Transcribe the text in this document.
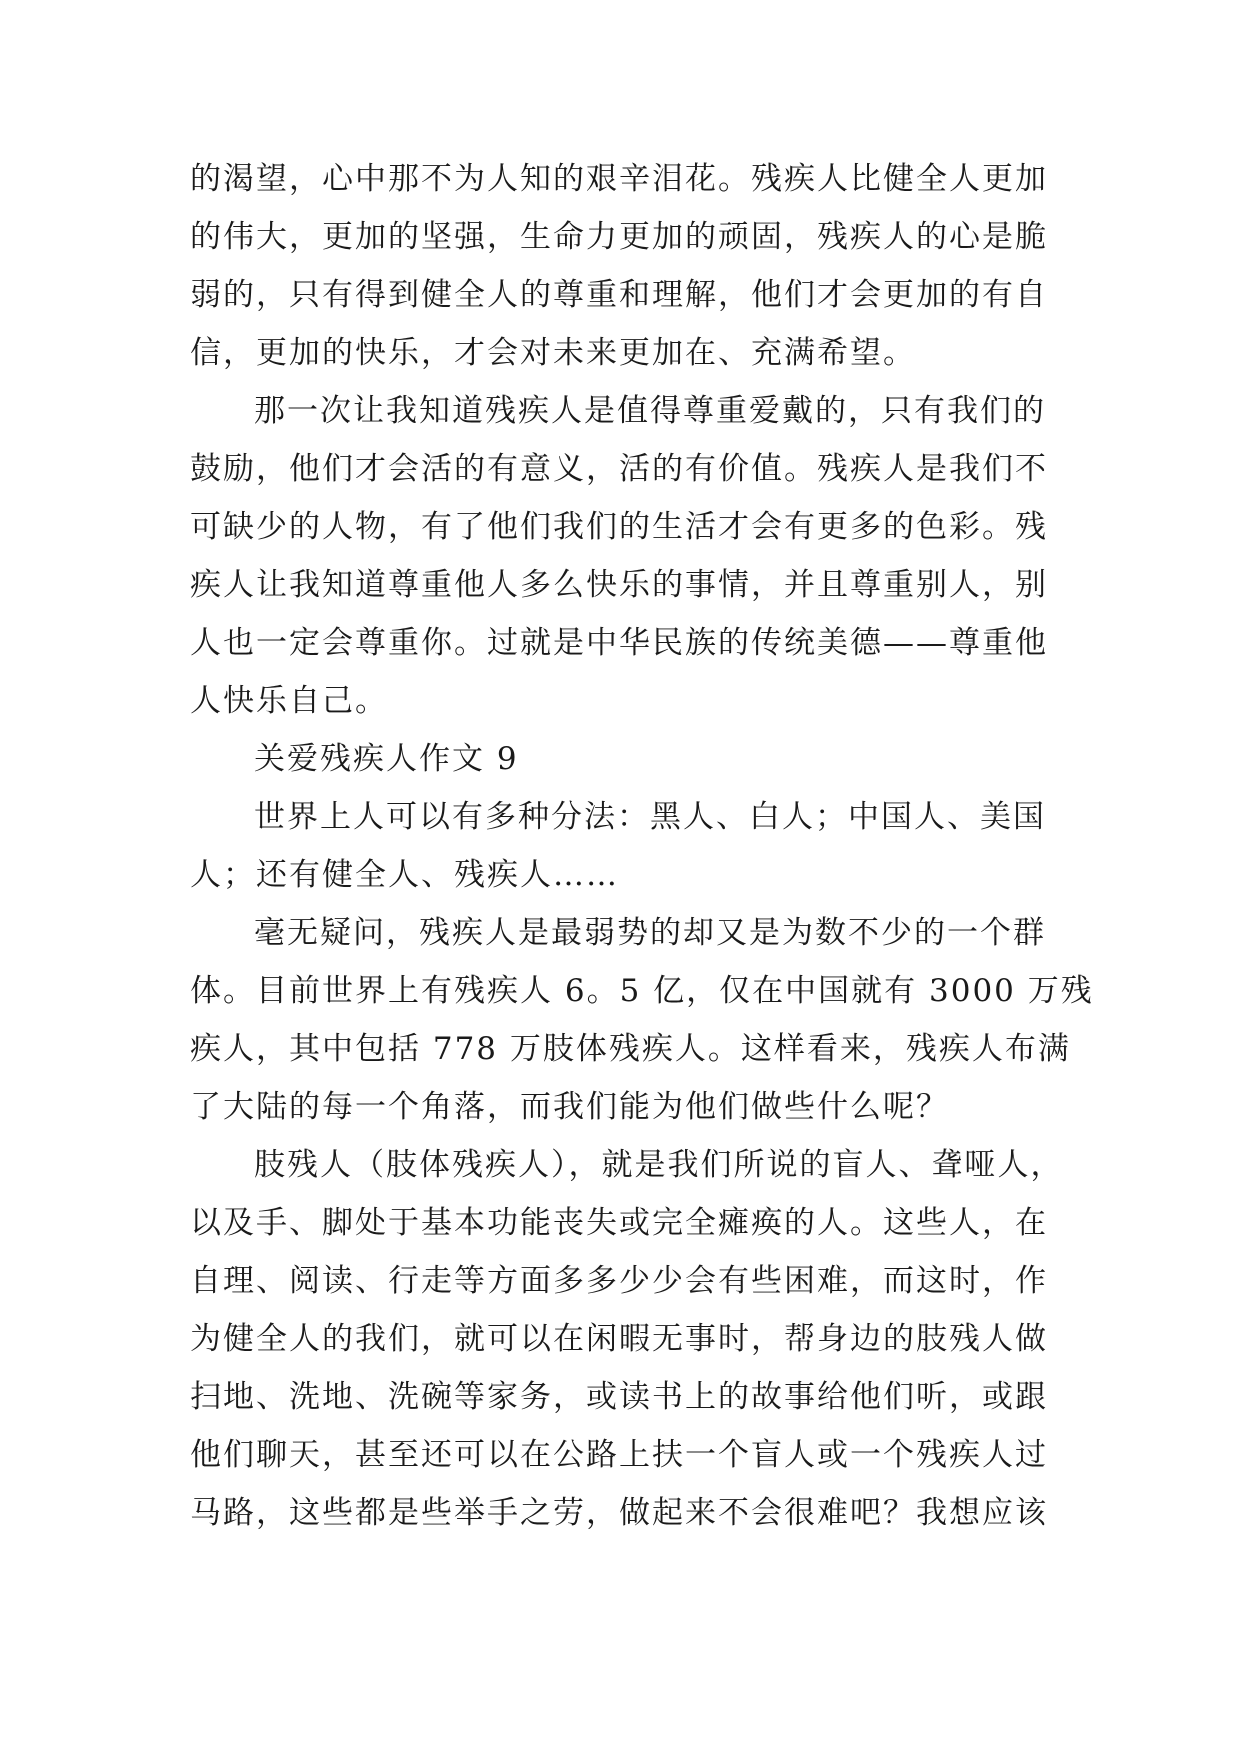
的渴望，心中那不为人知的艰辛泪花。残疾人比健全人更加
的伟大，更加的坚强，生命力更加的顽固，残疾人的心是脆
弱的，只有得到健全人的尊重和理解，他们才会更加的有自
信，更加的快乐，才会对未来更加在、充满希望。
那一次让我知道残疾人是值得尊重爱戴的，只有我们的
鼓励，他们才会活的有意义，活的有价值。残疾人是我们不
可缺少的人物，有了他们我们的生活才会有更多的色彩。残
疾人让我知道尊重他人多么快乐的事情，并且尊重别人，别
人也一定会尊重你。过就是中华民族的传统美德——尊重他
人快乐自己。
关爱残疾人作文 9
世界上人可以有多种分法：黑人、白人；中国人、美国
人；还有健全人、残疾人……
毫无疑问，残疾人是最弱势的却又是为数不少的一个群
体。目前世界上有残疾人 6。5 亿，仅在中国就有 3000 万残
疾人，其中包括 778 万肢体残疾人。这样看来，残疾人布满
了大陆的每一个角落，而我们能为他们做些什么呢？
肢残人（肢体残疾人），就是我们所说的盲人、聋哑人，
以及手、脚处于基本功能丧失或完全瘫痪的人。这些人，在
自理、阅读、行走等方面多多少少会有些困难，而这时，作
为健全人的我们，就可以在闲暇无事时，帮身边的肢残人做
扫地、洗地、洗碗等家务，或读书上的故事给他们听，或跟
他们聊天，甚至还可以在公路上扶一个盲人或一个残疾人过
马路，这些都是些举手之劳，做起来不会很难吧？我想应该
